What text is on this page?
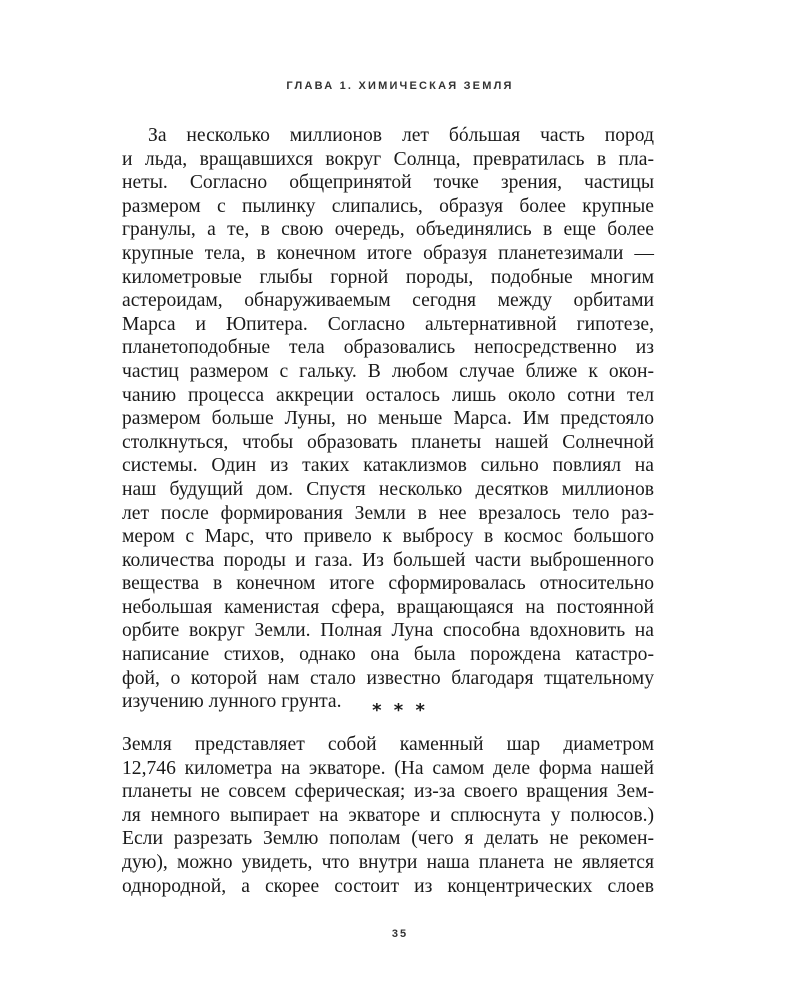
ГЛАВА 1. ХИМИЧЕСКАЯ ЗЕМЛЯ
За несколько миллионов лет бóльшая часть пород
и льда, вращавшихся вокруг Солнца, превратилась в пла-
неты. Согласно общепринятой точке зрения, частицы
размером с пылинку слипались, образуя более крупные
гранулы, а те, в свою очередь, объединялись в еще более
крупные тела, в конечном итоге образуя планетезимали —
километровые глыбы горной породы, подобные многим
астероидам, обнаруживаемым сегодня между орбитами
Марса и Юпитера. Согласно альтернативной гипотезе,
планетоподобные тела образовались непосредственно из
частиц размером с гальку. В любом случае ближе к окон-
чанию процесса аккреции осталось лишь около сотни тел
размером больше Луны, но меньше Марса. Им предстояло
столкнуться, чтобы образовать планеты нашей Солнечной
системы. Один из таких катаклизмов сильно повлиял на
наш будущий дом. Спустя несколько десятков миллионов
лет после формирования Земли в нее врезалось тело раз-
мером с Марс, что привело к выбросу в космос большого
количества породы и газа. Из большей части выброшенного
вещества в конечном итоге сформировалась относительно
небольшая каменистая сфера, вращающаяся на постоянной
орбите вокруг Земли. Полная Луна способна вдохновить на
написание стихов, однако она была порождена катастро-
фой, о которой нам стало известно благодаря тщательному
изучению лунного грунта.	* * *
Земля представляет собой каменный шар диаметром
12,746 километра на экваторе. (На самом деле форма нашей
планеты не совсем сферическая; из-за своего вращения Зем-
ля немного выпирает на экваторе и сплюснута у полюсов.)
Если разрезать Землю пополам (чего я делать не рекомен-
дую), можно увидеть, что внутри наша планета не является
однородной, а скорее состоит из концентрических слоев
35
